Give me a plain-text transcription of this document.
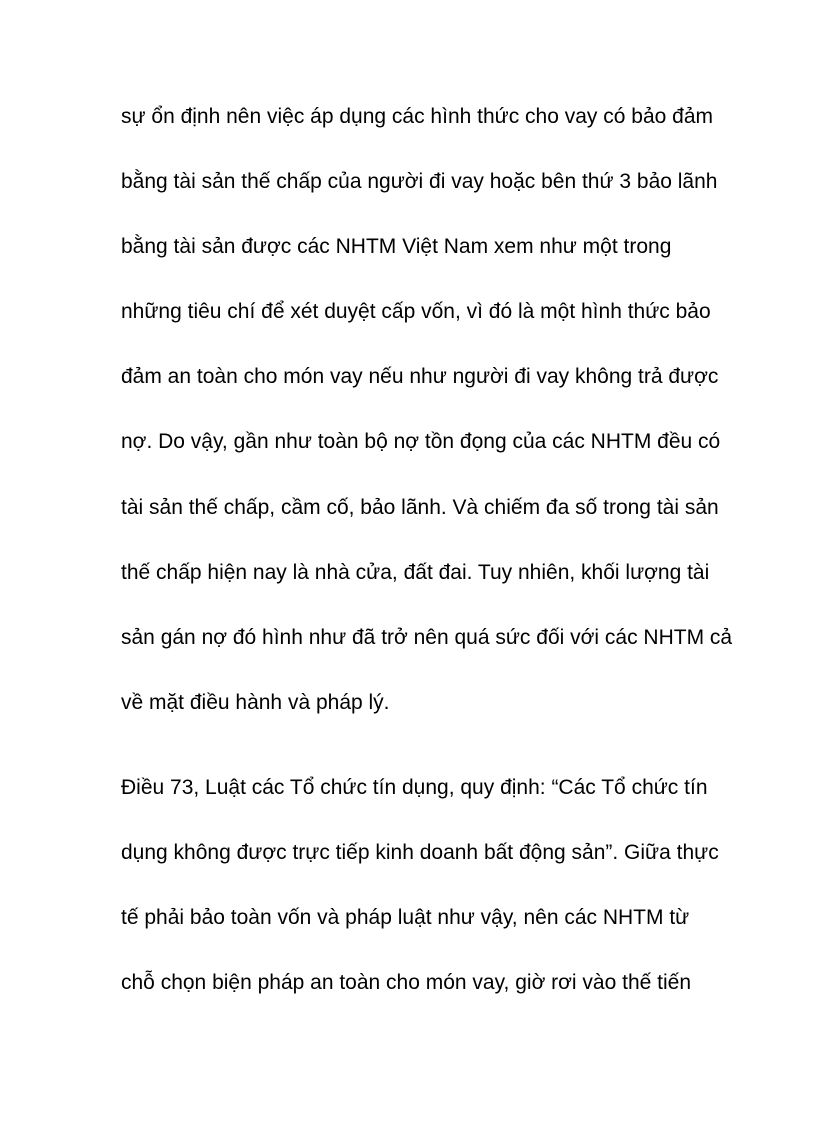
sự ổn định nên việc áp dụng các hình thức cho vay có bảo đảm
bằng tài sản thế chấp của người đi vay hoặc bên thứ 3 bảo lãnh
bằng tài sản được các NHTM Việt Nam xem như một trong
những tiêu chí để xét duyệt cấp vốn, vì đó là một hình thức bảo
đảm an toàn cho món vay nếu như người đi vay không trả được
nợ. Do vậy, gần như toàn bộ nợ tồn đọng của các NHTM đều có
tài sản thế chấp, cầm cố, bảo lãnh. Và chiếm đa số trong tài sản
thế chấp hiện nay là nhà cửa, đất đai. Tuy nhiên, khối lượng tài
sản gán nợ đó hình như đã trở nên quá sức đối với các NHTM cả
về mặt điều hành và pháp lý.
Điều 73, Luật các Tổ chức tín dụng, quy định: “Các Tổ chức tín
dụng không được trực tiếp kinh doanh bất động sản”. Giữa thực
tế phải bảo toàn vốn và pháp luật như vậy, nên các NHTM từ
chỗ chọn biện pháp an toàn cho món vay, giờ rơi vào thế tiến
